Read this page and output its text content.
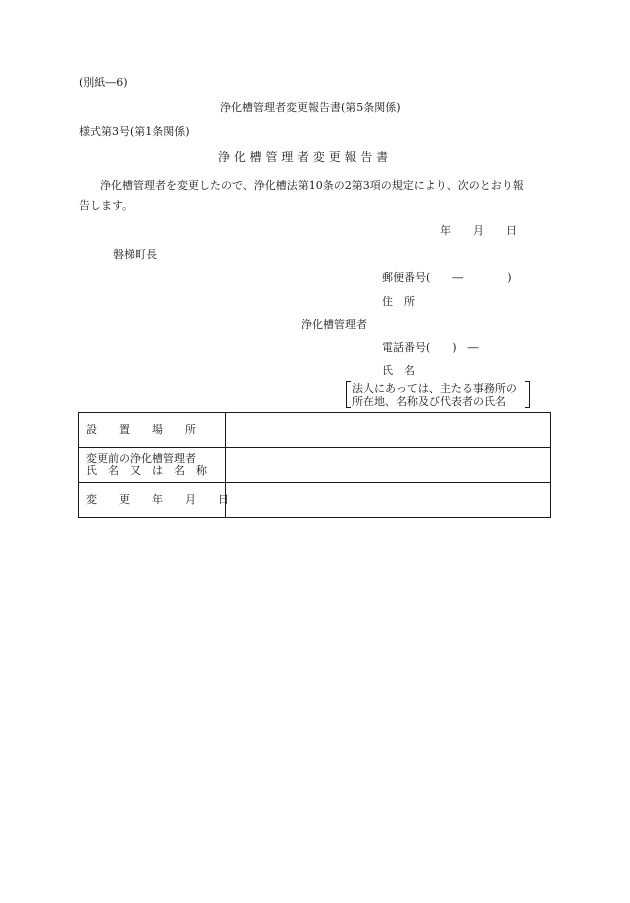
(別紙―6)
浄化槽管理者変更報告書(第5条関係)
様式第3号(第1条関係)
浄 化 槽 管 理 者 変 更 報 告 書
浄化槽管理者を変更したので、浄化槽法第10条の2第3項の規定により、次のとおり報
告します。
年　　月　　日
磐梯町長
郵便番号(　　―　　　　)
住　所
浄化槽管理者
電話番号(　　)　―
氏　名
法人にあっては、主たる事務所の
所在地、名称及び代表者の氏名
設　　置　　場　　所	

変更前の浄化槽管理者
氏　名　又　は　名　称	

変　　更　　年　　月　　日	
